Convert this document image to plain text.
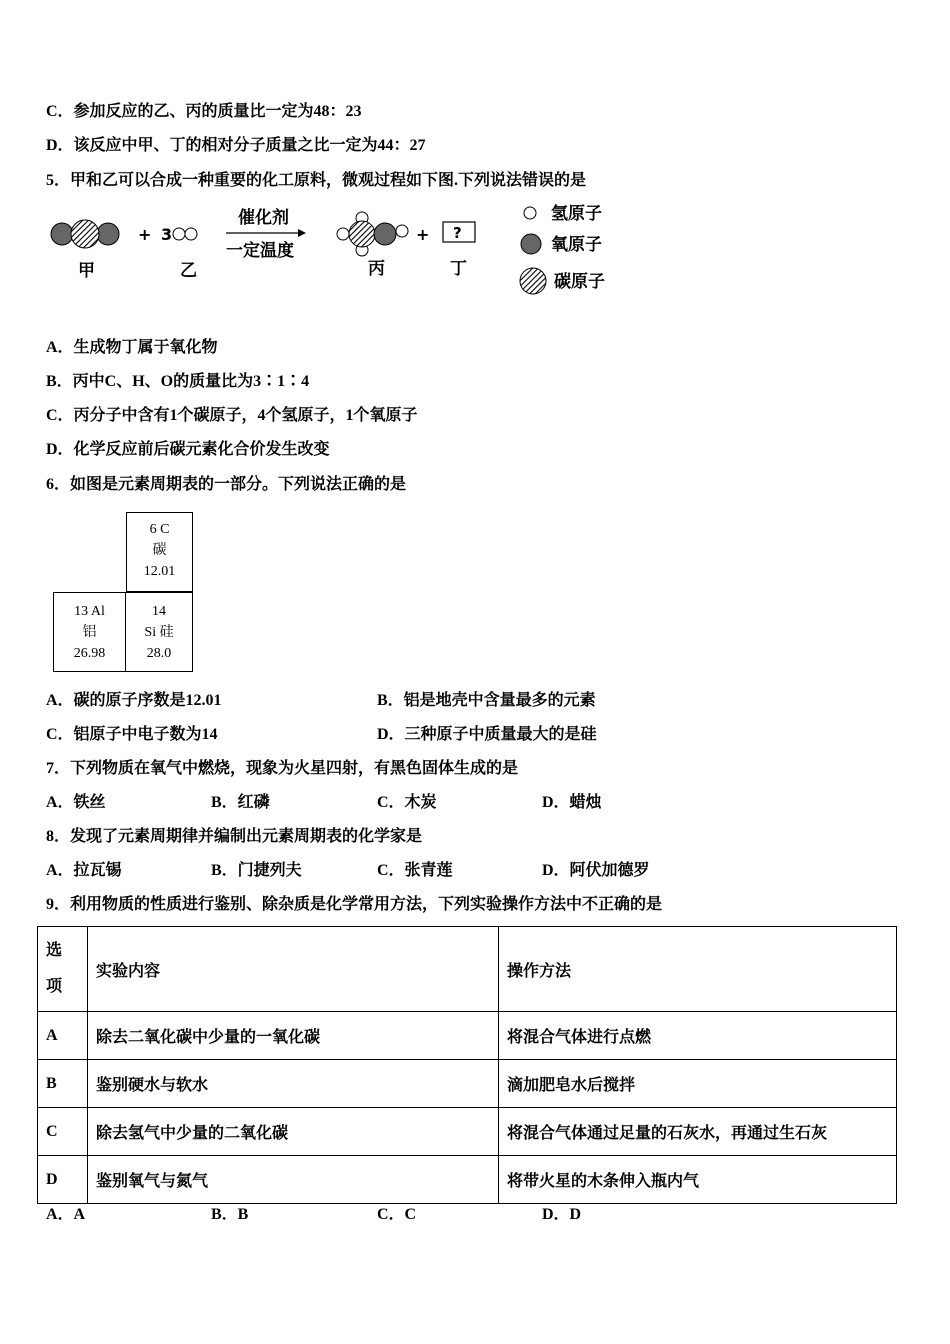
C．参加反应的乙、丙的质量比一定为48：23
D．该反应中甲、丁的相对分子质量之比一定为44：27
5．甲和乙可以合成一种重要的化工原料，微观过程如下图.下列说法错误的是
+ 3
催化剂
一定温度
+ ?
甲	乙	丙	丁
氢原子
氧原子
碳原子
A．生成物丁属于氧化物
B．丙中C、H、O的质量比为3∶1∶4
C．丙分子中含有1个碳原子，4个氢原子，1个氧原子
D．化学反应前后碳元素化合价发生改变
6．如图是元素周期表的一部分。下列说法正确的是
6 C
碳
12.01
13 Al
铝
26.98
14
Si 硅
28.0
A．碳的原子序数是12.01	B．铝是地壳中含量最多的元素
C．铝原子中电子数为14	D．三种原子中质量最大的是硅
7．下列物质在氧气中燃烧，现象为火星四射，有黑色固体生成的是
A．铁丝	B．红磷	C．木炭	D．蜡烛
8．发现了元素周期律并编制出元素周期表的化学家是
A．拉瓦锡	B．门捷列夫	C．张青莲	D．阿伏加德罗
9．利用物质的性质进行鉴别、除杂质是化学常用方法，下列实验操作方法中不正确的是
选
项	实验内容	操作方法
A	除去二氧化碳中少量的一氧化碳	将混合气体进行点燃
B	鉴别硬水与软水	滴加肥皂水后搅拌
C	除去氢气中少量的二氧化碳	将混合气体通过足量的石灰水，再通过生石灰
D	鉴别氧气与氮气	将带火星的木条伸入瓶内气
A．A	B．B	C．C	D．D
